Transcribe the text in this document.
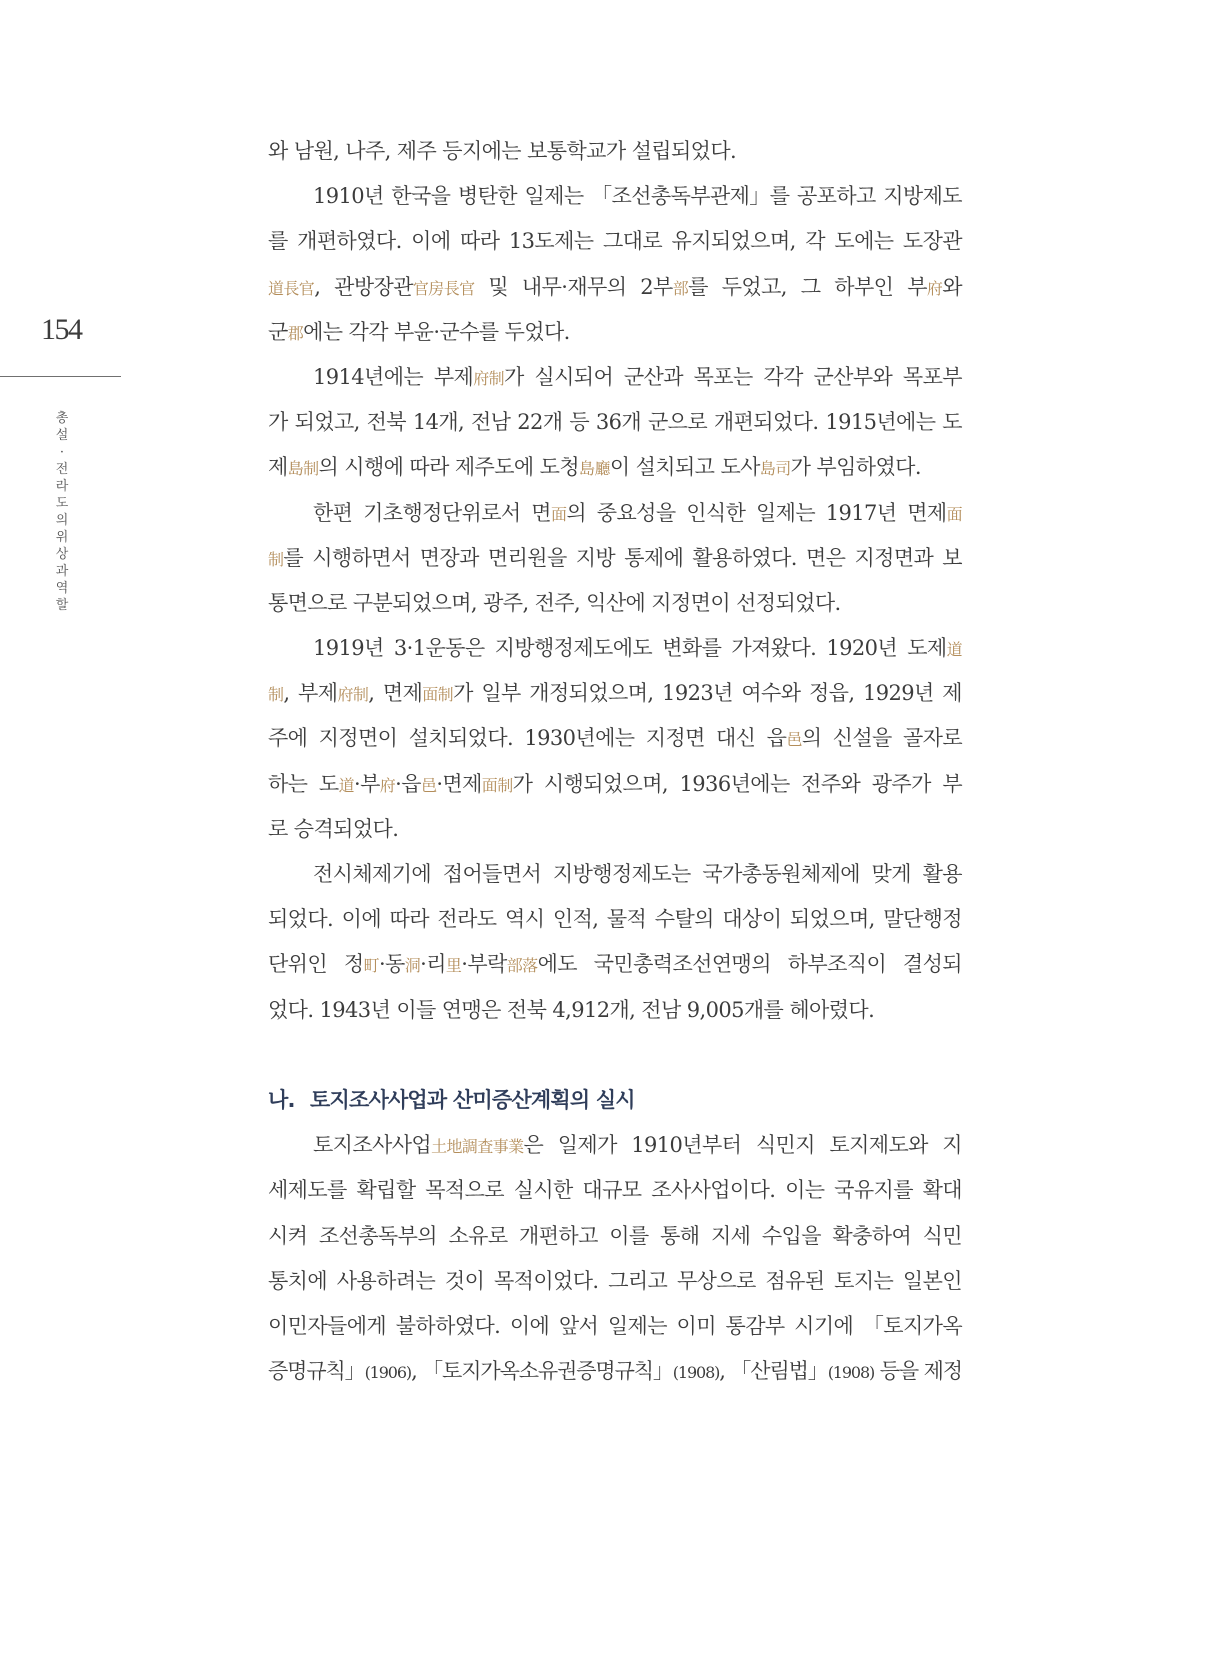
154
총설 · 전라도의 위상과 역할
와 남원, 나주, 제주 등지에는 보통학교가 설립되었다.
1910년 한국을 병탄한 일제는 「조선총독부관제」를 공포하고 지방제도
를 개편하였다. 이에 따라 13도제는 그대로 유지되었으며, 각 도에는 도장관
道長官, 관방장관官房長官 및 내무·재무의 2부部를 두었고, 그 하부인 부府와
군郡에는 각각 부윤·군수를 두었다.
1914년에는 부제府制가 실시되어 군산과 목포는 각각 군산부와 목포부
가 되었고, 전북 14개, 전남 22개 등 36개 군으로 개편되었다. 1915년에는 도
제島制의 시행에 따라 제주도에 도청島廳이 설치되고 도사島司가 부임하였다.
한편 기초행정단위로서 면面의 중요성을 인식한 일제는 1917년 면제面
制를 시행하면서 면장과 면리원을 지방 통제에 활용하였다. 면은 지정면과 보
통면으로 구분되었으며, 광주, 전주, 익산에 지정면이 선정되었다.
1919년 3·1운동은 지방행정제도에도 변화를 가져왔다. 1920년 도제道
制, 부제府制, 면제面制가 일부 개정되었으며, 1923년 여수와 정읍, 1929년 제
주에 지정면이 설치되었다. 1930년에는 지정면 대신 읍邑의 신설을 골자로
하는 도道·부府·읍邑·면제面制가 시행되었으며, 1936년에는 전주와 광주가 부
로 승격되었다.
전시체제기에 접어들면서 지방행정제도는 국가총동원체제에 맞게 활용
되었다. 이에 따라 전라도 역시 인적, 물적 수탈의 대상이 되었으며, 말단행정
단위인 정町·동洞·리里·부락部落에도 국민총력조선연맹의 하부조직이 결성되
었다. 1943년 이들 연맹은 전북 4,912개, 전남 9,005개를 헤아렸다.
나. 토지조사사업과 산미증산계획의 실시
토지조사사업土地調査事業은 일제가 1910년부터 식민지 토지제도와 지
세제도를 확립할 목적으로 실시한 대규모 조사사업이다. 이는 국유지를 확대
시켜 조선총독부의 소유로 개편하고 이를 통해 지세 수입을 확충하여 식민
통치에 사용하려는 것이 목적이었다. 그리고 무상으로 점유된 토지는 일본인
이민자들에게 불하하였다. 이에 앞서 일제는 이미 통감부 시기에 「토지가옥
증명규칙」(1906), 「토지가옥소유권증명규칙」(1908), 「산림법」(1908) 등을 제정
